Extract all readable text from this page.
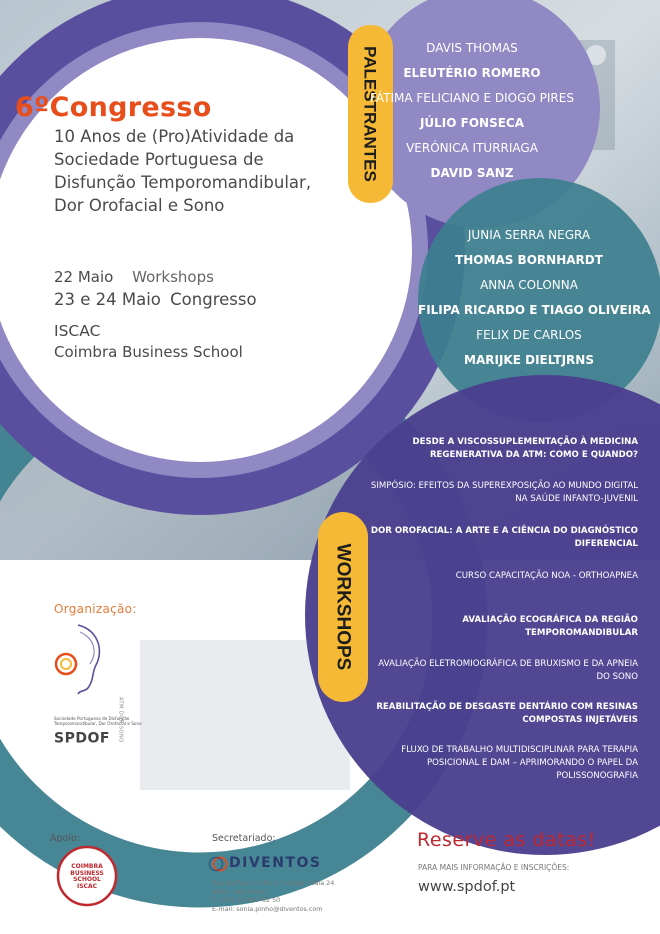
PALESTRANTES
WORKSHOPS
6ºCongresso
10 Anos de (Pro)Atividade da Sociedade Portuguesa de Disfunção Temporomandibular, Dor Orofacial e Sono
22 Maio Workshops
23 e 24 Maio Congresso
ISCAC
Coimbra Business School
DAVIS THOMAS
ELEUTÉRIO ROMERO
FÁTIMA FELICIANO E DIOGO PIRES
JÚLIO FONSECA
VERÓNICA ITURRIAGA
DAVID SANZ
JUNIA SERRA NEGRA
THOMAS BORNHARDT
ANNA COLONNA
FILIPA RICARDO E TIAGO OLIVEIRA
FELIX DE CARLOS
MARIJKE DIELTJRNS
DESDE A VISCOSSUPLEMENTAÇÃO À MEDICINA
REGENERATIVA DA ATM: COMO E QUANDO?
SIMPÓSIO: EFEITOS DA SUPEREXPOSIÇÃO AO MUNDO DIGITAL
NA SAÚDE INFANTO-JUVENIL
DOR OROFACIAL: A ARTE E A CIÊNCIA DO DIAGNÓSTICO
DIFERENCIAL
CURSO CAPACITAÇÃO NOA - ORTHOAPNEA
AVALIAÇÃO ECOGRÁFICA DA REGIÃO
TEMPOROMANDIBULAR
AVALIAÇÃO ELETROMIOGRÁFICA DE BRUXISMO E DA APNEIA
DO SONO
REABILITAÇÃO DE DESGASTE DENTÁRIO COM RESINAS
COMPOSTAS INJETÁVEIS
FLUXO DE TRABALHO MULTIDISCIPLINAR PARA TERAPIA
POSICIONAL E DAM – APRIMORANDO O PAPEL DA
POLISSONOGRAFIA
Organização:
SPDOF ATM DOR SONO
Sociedade Portuguesa de Disfunção Temporomandibular, Dor Orofacial e Sono
Apoio:
COIMBRA BUSINESS SCHOOL ISCAC
Secretariado:
DIVENTOS
Rua da Paz, n.º 66, 2.º andar - Sala 24
4050 - 461 Porto
T +351 22 607 62 50
E-mail: sonia.pinho@diventos.com
Reserve as datas!
PARA MAIS INFORMAÇÃO E INSCRIÇÕES:
www.spdof.pt
